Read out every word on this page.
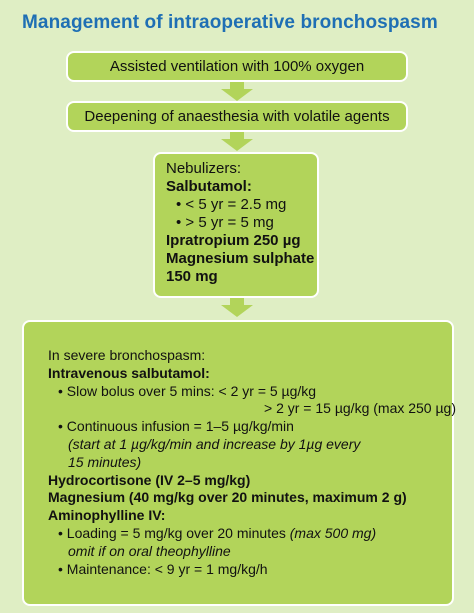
Management of intraoperative bronchospasm
Assisted ventilation with 100% oxygen
Deepening of anaesthesia with volatile agents
Nebulizers:
Salbutamol:
• < 5 yr = 2.5 mg
• > 5 yr = 5 mg
Ipratropium 250 µg
Magnesium sulphate
150 mg
In severe bronchospasm:
Intravenous salbutamol:
• Slow bolus over 5 mins: < 2 yr = 5 µg/kg
> 2 yr = 15 µg/kg (max 250 µg)
• Continuous infusion = 1–5 µg/kg/min
(start at 1 µg/kg/min and increase by 1µg every
15 minutes)
Hydrocortisone (IV 2–5 mg/kg)
Magnesium (40 mg/kg over 20 minutes, maximum 2 g)
Aminophylline IV:
• Loading = 5 mg/kg over 20 minutes (max 500 mg)
omit if on oral theophylline
• Maintenance: < 9 yr = 1 mg/kg/h
